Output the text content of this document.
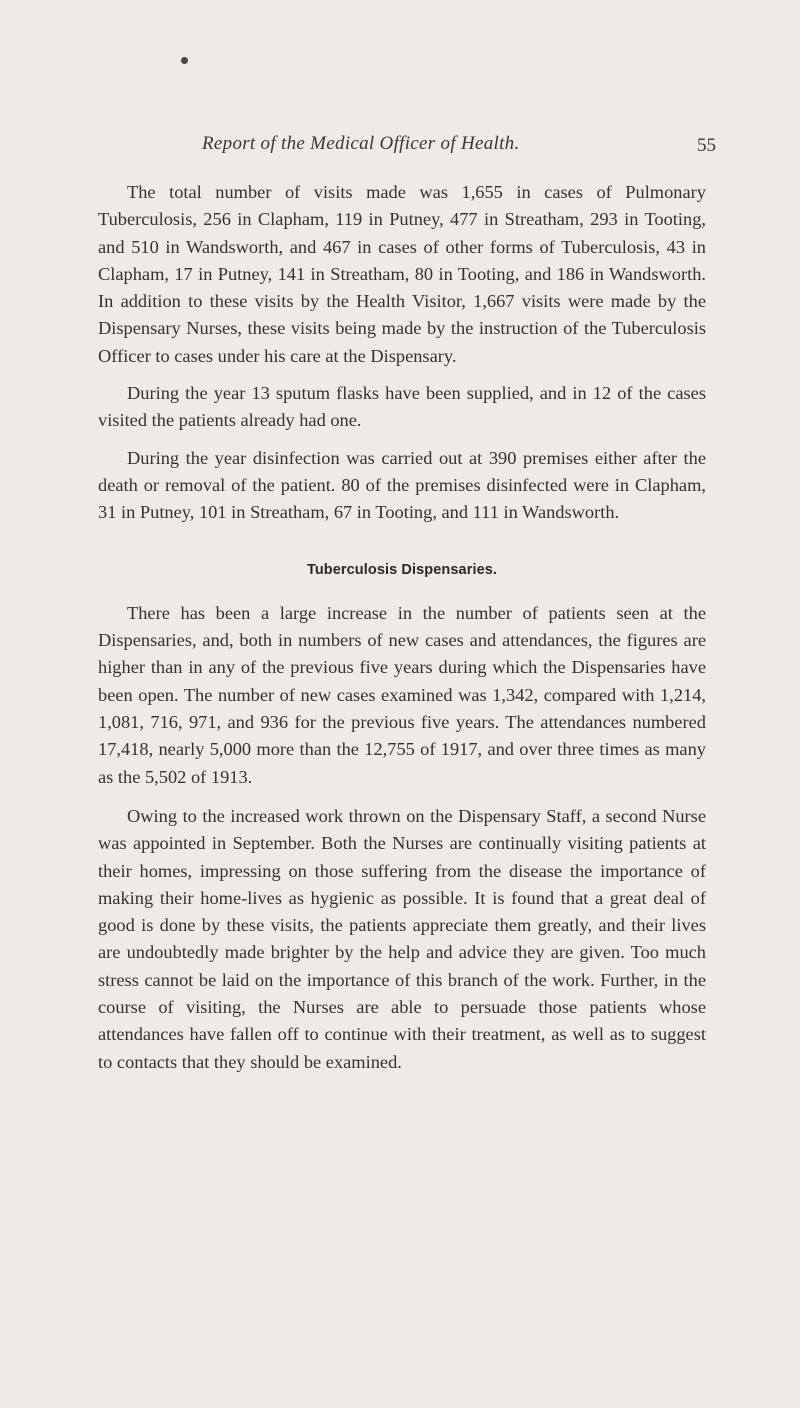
Report of the Medical Officer of Health.	55

The total number of visits made was 1,655 in cases of Pulmonary Tuberculosis, 256 in Clapham, 119 in Putney, 477 in Streatham, 293 in Tooting, and 510 in Wandsworth, and 467 in cases of other forms of Tuberculosis, 43 in Clapham, 17 in Putney, 141 in Streatham, 80 in Tooting, and 186 in Wandsworth. In addition to these visits by the Health Visitor, 1,667 visits were made by the Dispensary Nurses, these visits being made by the instruction of the Tuberculosis Officer to cases under his care at the Dispensary.

During the year 13 sputum flasks have been supplied, and in 12 of the cases visited the patients already had one.

During the year disinfection was carried out at 390 premises either after the death or removal of the patient. 80 of the premises disinfected were in Clapham, 31 in Putney, 101 in Streatham, 67 in Tooting, and 111 in Wandsworth.

Tuberculosis Dispensaries.

There has been a large increase in the number of patients seen at the Dispensaries, and, both in numbers of new cases and attendances, the figures are higher than in any of the previous five years during which the Dispensaries have been open. The number of new cases examined was 1,342, compared with 1,214, 1,081, 716, 971, and 936 for the previous five years. The attendances numbered 17,418, nearly 5,000 more than the 12,755 of 1917, and over three times as many as the 5,502 of 1913.

Owing to the increased work thrown on the Dispensary Staff, a second Nurse was appointed in September. Both the Nurses are continually visiting patients at their homes, impressing on those suffering from the disease the importance of making their home-lives as hygienic as possible. It is found that a great deal of good is done by these visits, the patients appreciate them greatly, and their lives are undoubtedly made brighter by the help and advice they are given. Too much stress cannot be laid on the importance of this branch of the work. Further, in the course of visiting, the Nurses are able to persuade those patients whose attendances have fallen off to continue with their treatment, as well as to suggest to contacts that they should be examined.
